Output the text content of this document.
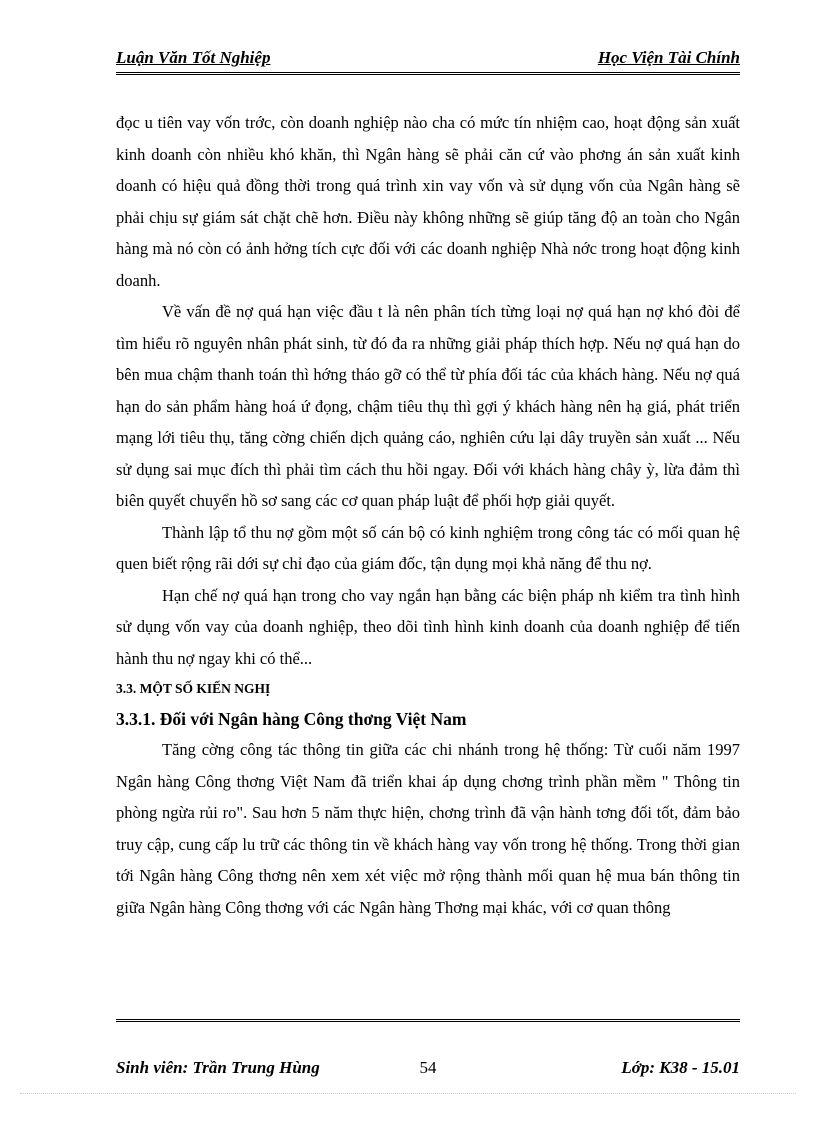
Luận Văn Tốt Nghiệp	Học Viện Tài Chính

đọc u tiên vay vốn trớc, còn doanh nghiệp nào cha có mức tín nhiệm cao, hoạt động sản xuất kinh doanh còn nhiều khó khăn, thì Ngân hàng sẽ phải căn cứ vào phơng án sản xuất kinh doanh có hiệu quả đồng thời trong quá trình xin vay vốn và sử dụng vốn của Ngân hàng sẽ phải chịu sự giám sát chặt chẽ hơn. Điều này không những sẽ giúp tăng độ an toàn cho Ngân hàng mà nó còn có ảnh hởng tích cực đối với các doanh nghiệp Nhà nớc trong hoạt động kinh doanh.

Về vấn đề nợ quá hạn việc đầu t là nên phân tích từng loại nợ quá hạn nợ khó đòi để tìm hiểu rõ nguyên nhân phát sinh, từ đó đa ra những giải pháp thích hợp. Nếu nợ quá hạn do bên mua chậm thanh toán thì hớng tháo gỡ có thể từ phía đối tác của khách hàng. Nếu nợ quá hạn do sản phẩm hàng hoá ứ đọng, chậm tiêu thụ thì gợi ý khách hàng nên hạ giá, phát triển mạng lới tiêu thụ, tăng cờng chiến dịch quảng cáo, nghiên cứu lại dây truyền sản xuất ... Nếu sử dụng sai mục đích thì phải tìm cách thu hồi ngay. Đối với khách hàng chây ỳ, lừa đảm thì biên quyết chuyển hồ sơ sang các cơ quan pháp luật để phối hợp giải quyết.

Thành lập tổ thu nợ gồm một số cán bộ có kinh nghiệm trong công tác có mối quan hệ quen biết rộng rãi dới sự chỉ đạo của giám đốc, tận dụng mọi khả năng để thu nợ.

Hạn chế nợ quá hạn trong cho vay ngắn hạn bằng các biện pháp nh kiểm tra tình hình sử dụng vốn vay của doanh nghiệp, theo dõi tình hình kinh doanh của doanh nghiệp để tiến hành thu nợ ngay khi có thể...

3.3. MỘT SỐ KIẾN NGHỊ

3.3.1. Đối với Ngân hàng Công thơng Việt Nam

Tăng cờng công tác thông tin giữa các chi nhánh trong hệ thống: Từ cuối năm 1997 Ngân hàng Công thơng Việt Nam đã triển khai áp dụng chơng trình phần mềm " Thông tin phòng ngừa rủi ro". Sau hơn 5 năm thực hiện, chơng trình đã vận hành tơng đối tốt, đảm bảo truy cập, cung cấp lu trữ các thông tin về khách hàng vay vốn trong hệ thống. Trong thời gian tới Ngân hàng Công thơng nên xem xét việc mở rộng thành mối quan hệ mua bán thông tin giữa Ngân hàng Công thơng với các Ngân hàng Thơng mại khác, với cơ quan thông

Sinh viên: Trần Trung Hùng	54	Lớp: K38 - 15.01
